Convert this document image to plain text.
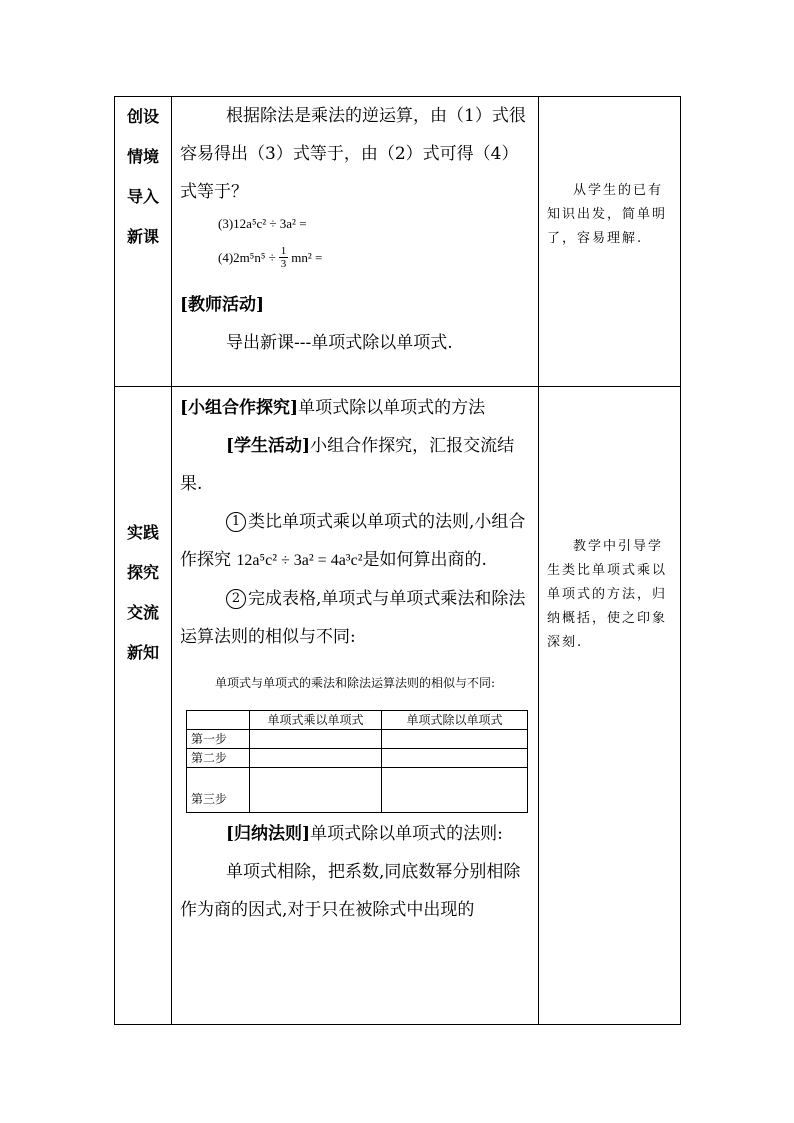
创设
情境
导入
新课

根据除法是乘法的逆运算，由（1）式很容易得出（3）式等于，由（2）式可得（4）式等于？

(3)12a⁵c² ÷ 3a² =
(4) $2m^5n^5 \div \frac{1}{3} mn^2$ =

[教师活动]

导出新课---单项式除以单项式.

从学生的已有知识出发，简单明了，容易理解.

实践
探究
交流
新知

[小组合作探究]单项式除以单项式的方法

[学生活动]小组合作探究，汇报交流结果.

1 类比单项式乘以单项式的法则,小组合作探究 12a⁵c² ÷ 3a² = 4a³c²是如何算出商的.

2 完成表格,单项式与单项式乘法和除法运算法则的相似与不同:

单项式与单项式的乘法和除法运算法则的相似与不同:
	单项式乘以单项式	单项式除以单项式
第一步		
第二步		
第三步		

[归纳法则]单项式除以单项式的法则:

单项式相除，把系数,同底数幂分别相除作为商的因式,对于只在被除式中出现的

教学中引导学生类比单项式乘以单项式的方法，归纳概括，使之印象深刻.
